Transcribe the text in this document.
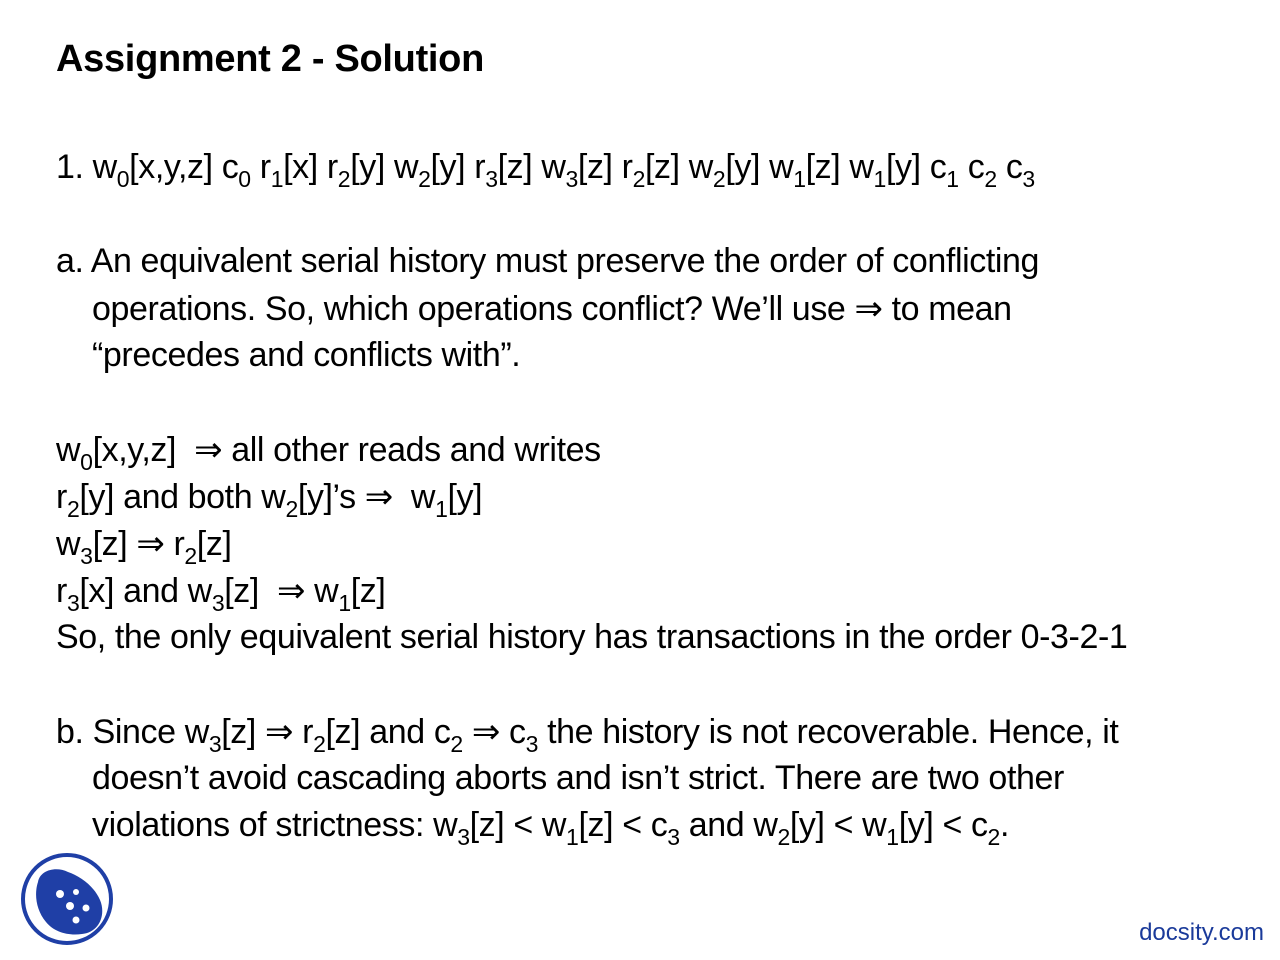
Assignment 2 - Solution
1. $w_0[x,y,z]$ $c_0$ $r_1[x]$ $r_2[y]$ $w_2[y]$ $r_3[z]$ $w_3[z]$ $r_2[z]$ $w_2[y]$ $w_1[z]$ $w_1[y]$ $c_1$ $c_2$ $c_3$
a. An equivalent serial history must preserve the order of conflicting
operations. So, which operations conflict? We’ll use ⇒ to mean
“precedes and conflicts with”.
$w_0[x,y,z]$ ⇒ all other reads and writes
$r_2[y]$ and both $w_2[y]’s$ ⇒ $w_1[y]$
$w_3[z]$ ⇒ $r_2[z]$
$r_3[x]$ and $w_3[z]$ ⇒ $w_1[z]$
So, the only equivalent serial history has transactions in the order 0-3-2-1
b. Since $w_3[z]$ ⇒ $r_2[z]$ and $c_2$ ⇒ $c_3$ the history is not recoverable. Hence, it
doesn’t avoid cascading aborts and isn’t strict. There are two other
violations of strictness: $w_3[z] < w_1[z] < c_3$ and $w_2[y] < w_1[y] < c_2$.
docsity.com
